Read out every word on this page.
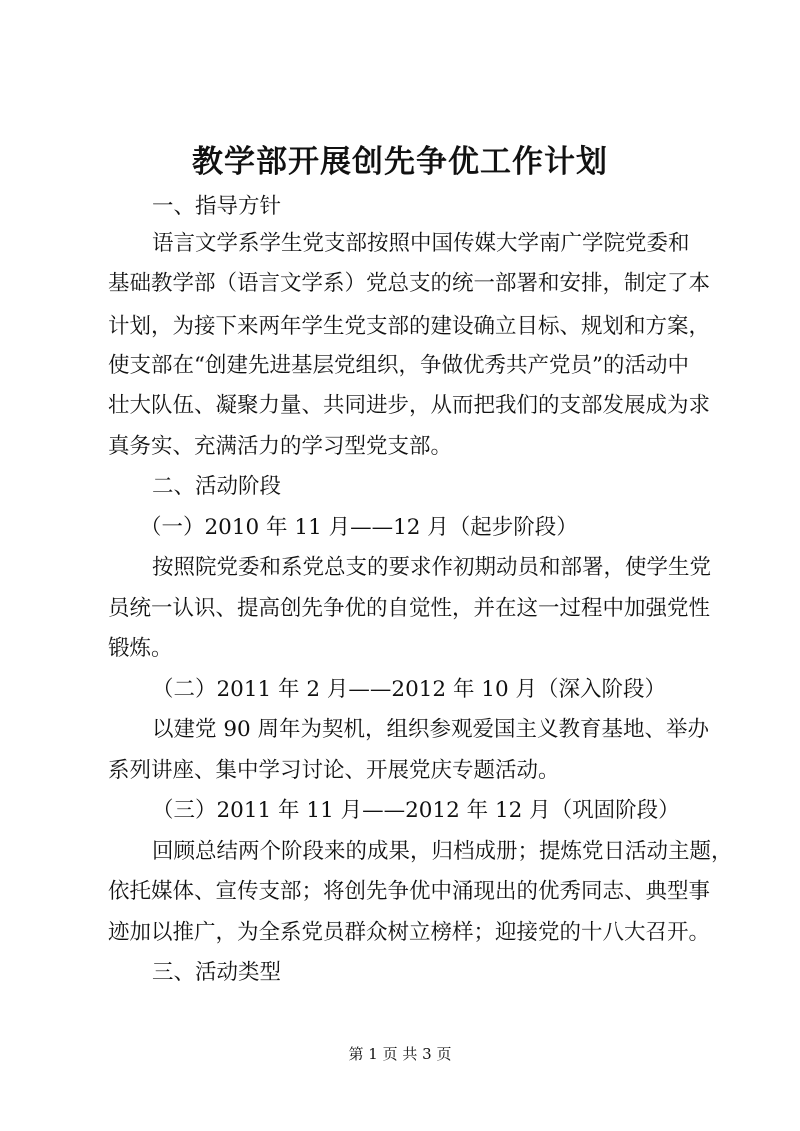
教学部开展创先争优工作计划
一、指导方针
语言文学系学生党支部按照中国传媒大学南广学院党委和
基础教学部（语言文学系）党总支的统一部署和安排，制定了本
计划，为接下来两年学生党支部的建设确立目标、规划和方案，
使支部在“创建先进基层党组织，争做优秀共产党员”的活动中
壮大队伍、凝聚力量、共同进步，从而把我们的支部发展成为求
真务实、充满活力的学习型党支部。
二、活动阶段
（一）2010 年 11 月——12 月（起步阶段）
按照院党委和系党总支的要求作初期动员和部署，使学生党
员统一认识、提高创先争优的自觉性，并在这一过程中加强党性
锻炼。
（二）2011 年 2 月——2012 年 10 月（深入阶段）
以建党 90 周年为契机，组织参观爱国主义教育基地、举办
系列讲座、集中学习讨论、开展党庆专题活动。
（三）2011 年 11 月——2012 年 12 月（巩固阶段）
回顾总结两个阶段来的成果，归档成册；提炼党日活动主题，
依托媒体、宣传支部；将创先争优中涌现出的优秀同志、典型事
迹加以推广，为全系党员群众树立榜样；迎接党的十八大召开。
三、活动类型
第 1 页 共 3 页
